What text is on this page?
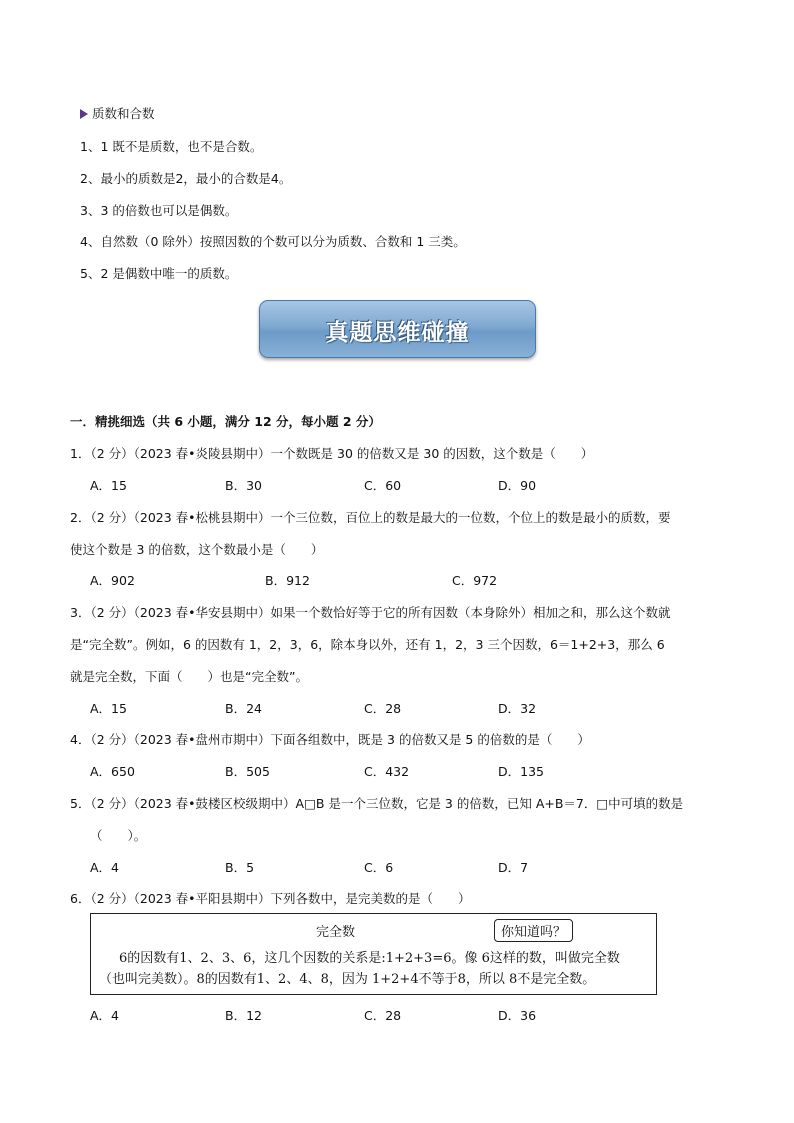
质数和合数
1、1 既不是质数，也不是合数。
2、最小的质数是2，最小的合数是4。
3、3 的倍数也可以是偶数。
4、自然数（0 除外）按照因数的个数可以分为质数、合数和 1 三类。
5、2 是偶数中唯一的质数。
真题思维碰撞
一．精挑细选（共 6 小题，满分 12 分，每小题 2 分）
1．（2 分）（2023 春•炎陵县期中）一个数既是 30 的倍数又是 30 的因数，这个数是（　　）
A．15	B．30	C．60	D．90
2．（2 分）（2023 春•松桃县期中）一个三位数，百位上的数是最大的一位数，个位上的数是最小的质数，要
使这个数是 3 的倍数，这个数最小是（　　）
A．902	B．912	C．972
3．（2 分）（2023 春•华安县期中）如果一个数恰好等于它的所有因数（本身除外）相加之和，那么这个数就
是“完全数”。例如，6 的因数有 1，2，3，6，除本身以外，还有 1，2，3 三个因数，6＝1+2+3，那么 6
就是完全数，下面（　　）也是“完全数”。
A．15	B．24	C．28	D．32
4．（2 分）（2023 春•盘州市期中）下面各组数中，既是 3 的倍数又是 5 的倍数的是（　　）
A．650	B．505	C．432	D．135
5．（2 分）（2023 春•鼓楼区校级期中）A□B 是一个三位数，它是 3 的倍数，已知 A+B＝7．□中可填的数是
（　　）。
A．4	B．5	C．6	D．7
6．（2 分）（2023 春•平阳县期中）下列各数中，是完美数的是（　　）
完全数	你知道吗？
6的因数有1、2、3、6，这几个因数的关系是:1+2+3=6。像 6这样的数，叫做完全数
（也叫完美数）。8的因数有1、2、4、8，因为 1+2+4不等于8，所以 8不是完全数。
A．4	B．12	C．28	D．36
